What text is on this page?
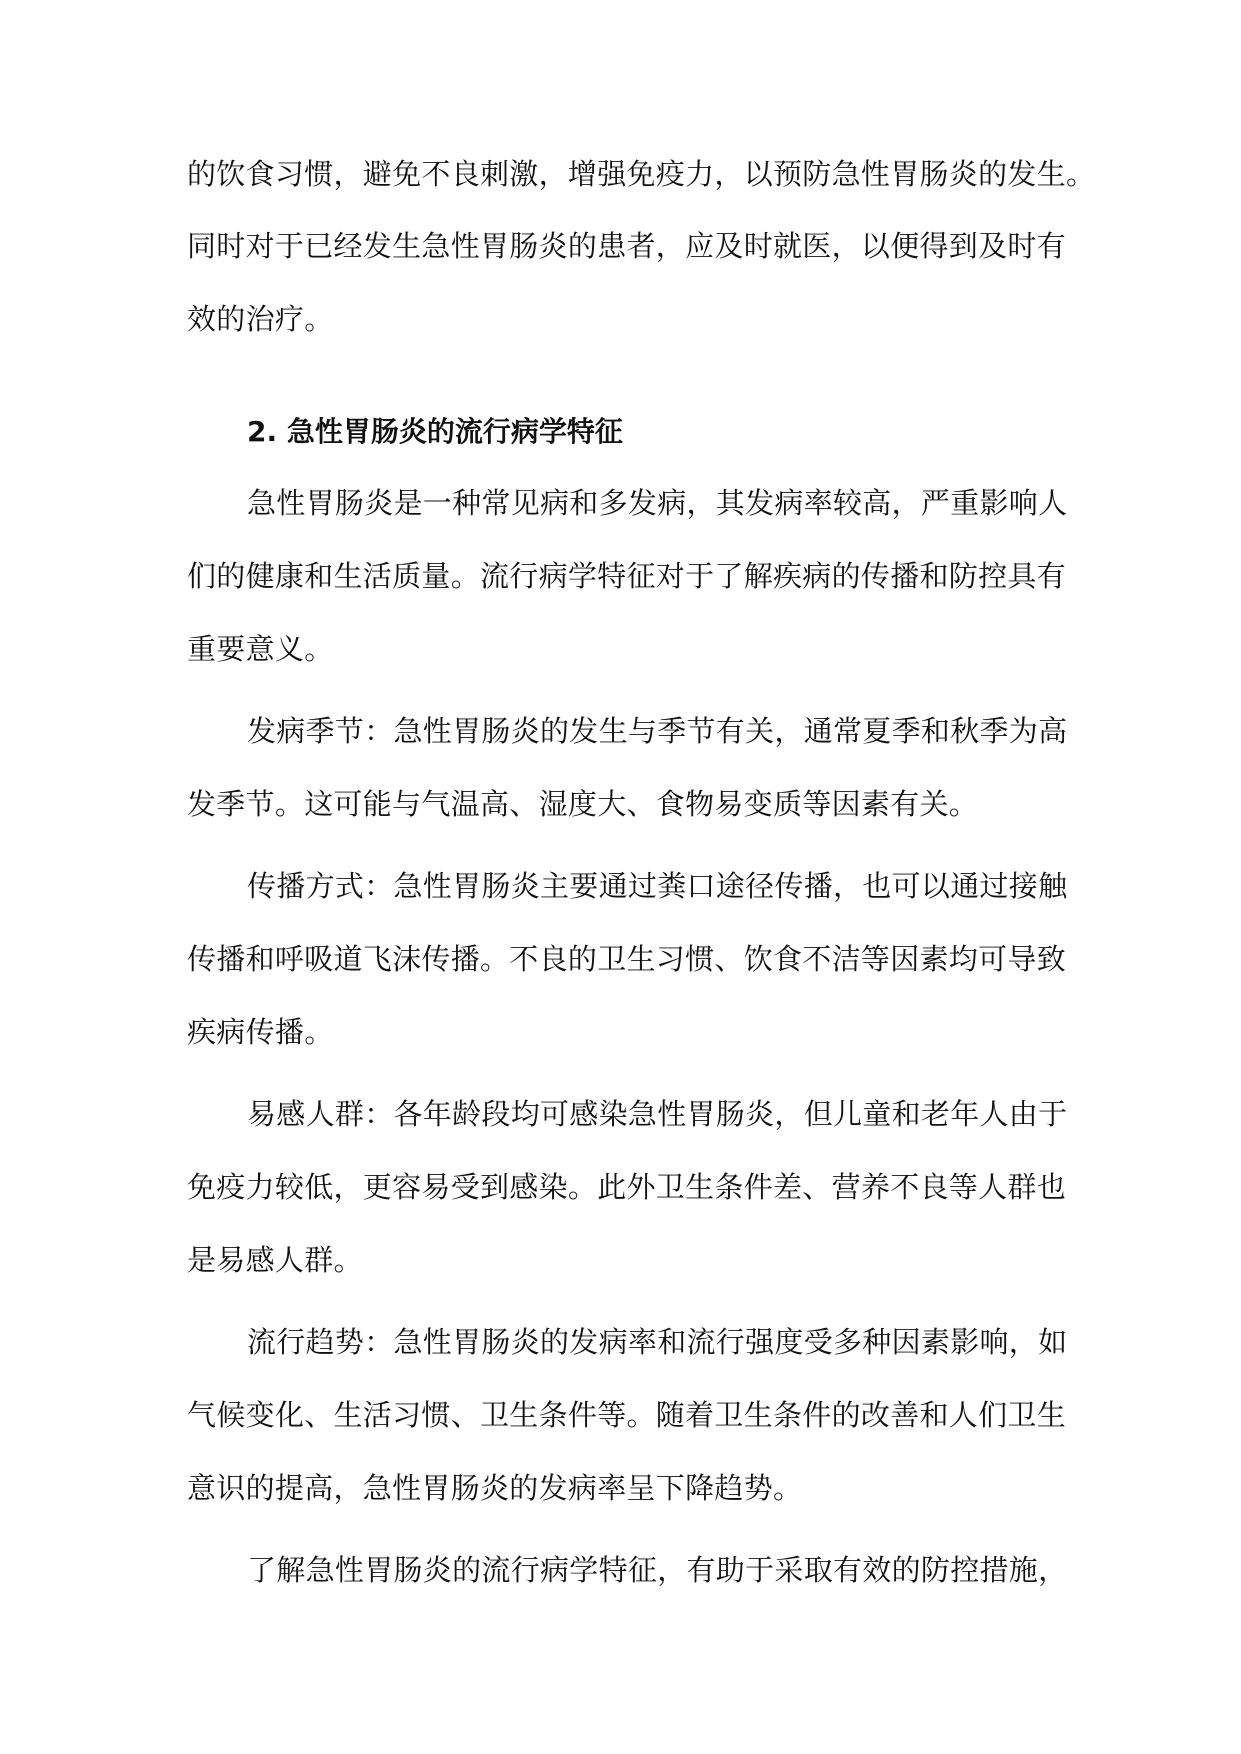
的饮食习惯，避免不良刺激，增强免疫力，以预防急性胃肠炎的发生。
同时对于已经发生急性胃肠炎的患者，应及时就医，以便得到及时有
效的治疗。
2. 急性胃肠炎的流行病学特征
急性胃肠炎是一种常见病和多发病，其发病率较高，严重影响人
们的健康和生活质量。流行病学特征对于了解疾病的传播和防控具有
重要意义。
发病季节：急性胃肠炎的发生与季节有关，通常夏季和秋季为高
发季节。这可能与气温高、湿度大、食物易变质等因素有关。
传播方式：急性胃肠炎主要通过粪口途径传播，也可以通过接触
传播和呼吸道飞沫传播。不良的卫生习惯、饮食不洁等因素均可导致
疾病传播。
易感人群：各年龄段均可感染急性胃肠炎，但儿童和老年人由于
免疫力较低，更容易受到感染。此外卫生条件差、营养不良等人群也
是易感人群。
流行趋势：急性胃肠炎的发病率和流行强度受多种因素影响，如
气候变化、生活习惯、卫生条件等。随着卫生条件的改善和人们卫生
意识的提高，急性胃肠炎的发病率呈下降趋势。
了解急性胃肠炎的流行病学特征，有助于采取有效的防控措施，
